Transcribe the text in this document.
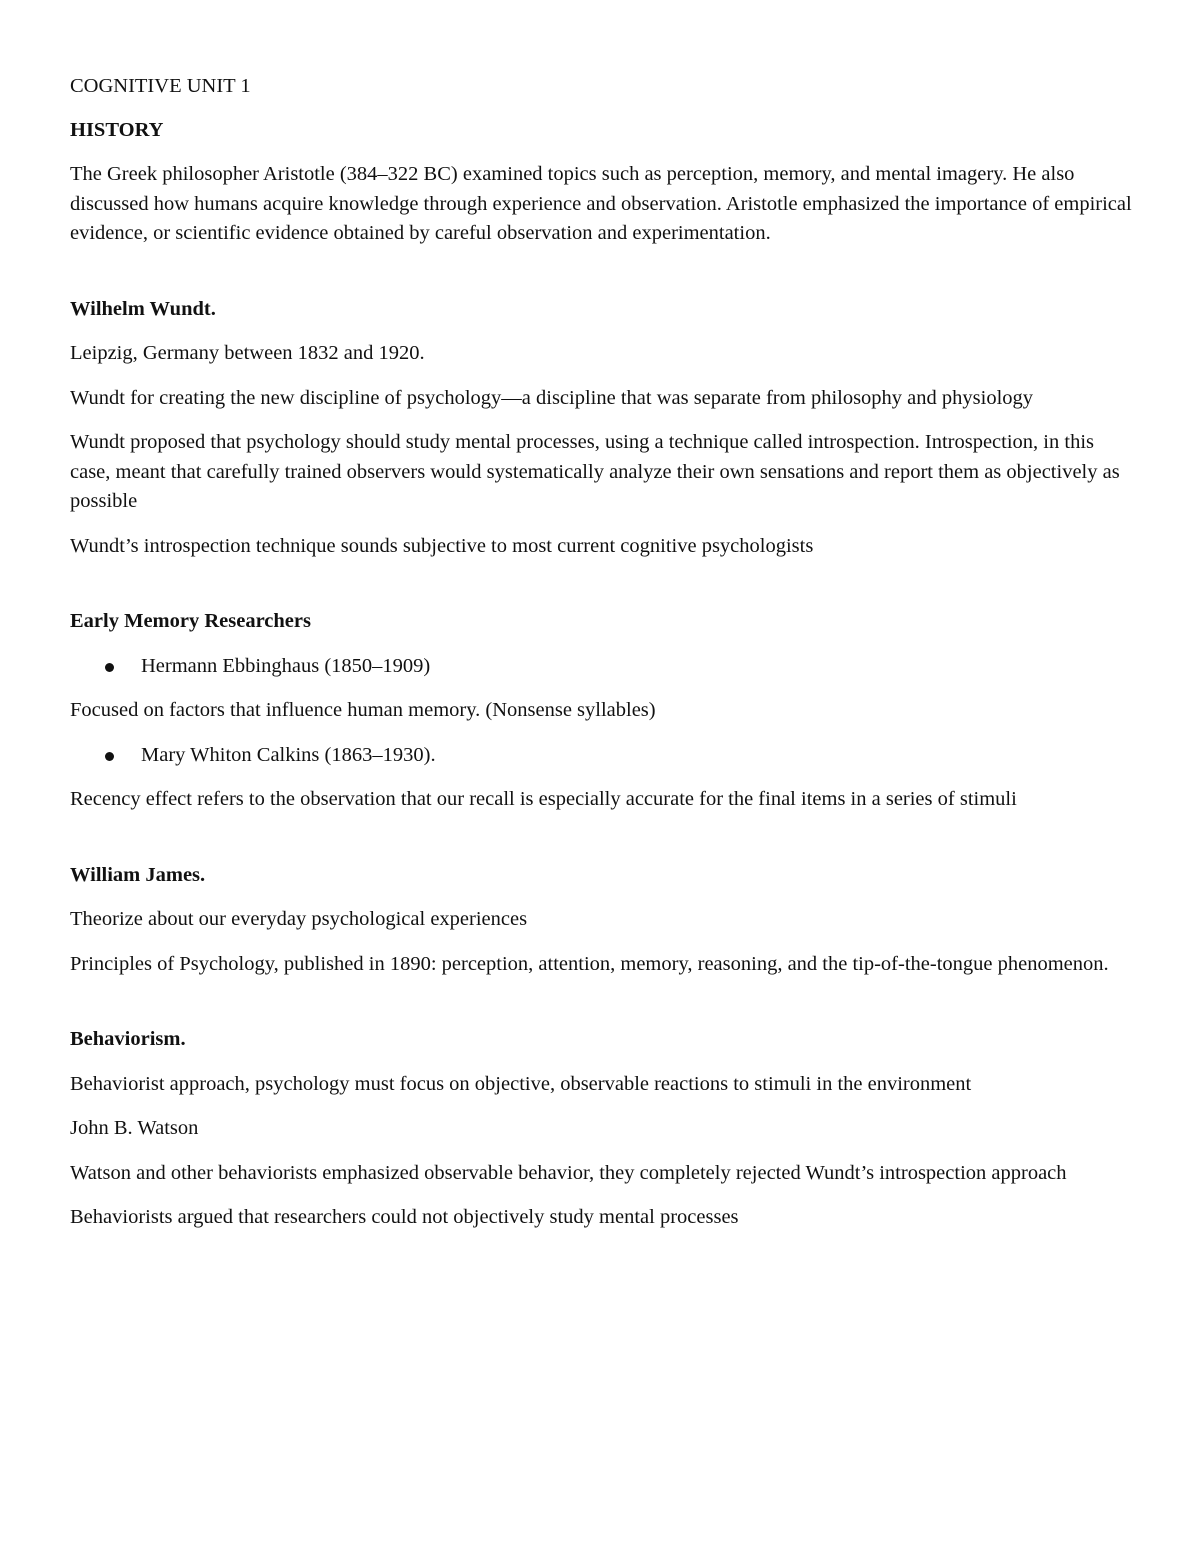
COGNITIVE UNIT 1

HISTORY

The Greek philosopher Aristotle (384–322 BC) examined topics such as perception, memory, and mental imagery. He also discussed how humans acquire knowledge through experience and observation. Aristotle emphasized the importance of empirical evidence, or scientific evidence obtained by careful observation and experimentation.

Wilhelm Wundt.

Leipzig, Germany between 1832 and 1920.

Wundt for creating the new discipline of psychology—a discipline that was separate from philosophy and physiology

Wundt proposed that psychology should study mental processes, using a technique called introspection. Introspection, in this case, meant that carefully trained observers would systematically analyze their own sensations and report them as objectively as possible

Wundt’s introspection technique sounds subjective to most current cognitive psychologists

Early Memory Researchers

Hermann Ebbinghaus (1850–1909)

Focused on factors that influence human memory. (Nonsense syllables)

Mary Whiton Calkins (1863–1930).

Recency effect refers to the observation that our recall is especially accurate for the final items in a series of stimuli

William James.

Theorize about our everyday psychological experiences

Principles of Psychology, published in 1890: perception, attention, memory, reasoning, and the tip-of-the-tongue phenomenon.

Behaviorism.

Behaviorist approach, psychology must focus on objective, observable reactions to stimuli in the environment

John B. Watson

Watson and other behaviorists emphasized observable behavior, they completely rejected Wundt’s introspection approach

Behaviorists argued that researchers could not objectively study mental processes
